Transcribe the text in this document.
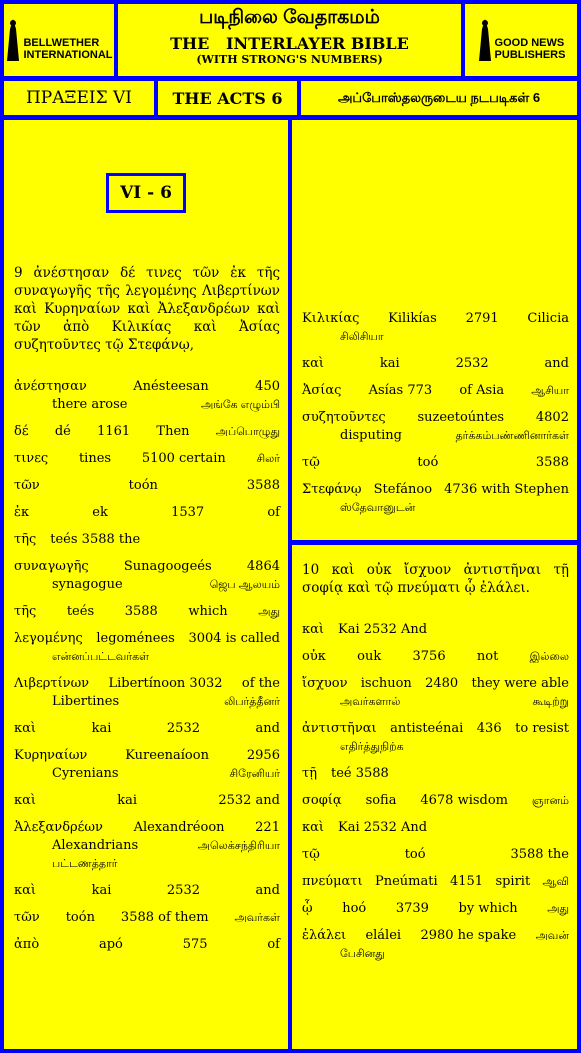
BELLWETHER
INTERNATIONAL
படிநிலை வேதாகமம்
THE   INTERLAYER BIBLE
(WITH STRONG'S NUMBERS)
GOOD NEWS
PUBLISHERS
ΠΡΑΞΕΙΣ VI	THE ACTS 6	அப்போஸ்தலருடைய நடபடிகள் 6
VI - 6
9 ἀνέστησαν δέ τινες τῶν ἐκ τῆς συναγωγῆς τῆς λεγομένης Λιβερτίνων καὶ Κυρηναίων καὶ Ἀλεξανδρέων καὶ τῶν ἀπὸ Κιλικίας καὶ Ἀσίας συζητοῦντες τῷ Στεφάνῳ,
ἀνέστησαν	Anésteesan	450
there arose	அங்கே எழும்பி
δέ dé 1161 Then அப்பொழுது
τινες tines 5100 certain	சிலர்
τῶν	toón	3588
ἐκ	ek	1537	of
τῆς teés 3588 the
συναγωγῆς	Sunagoogeés	4864
synagogue	ஜெப ஆலயம்
τῆς teés 3588 which	அது
λεγομένης legoménees 3004 is called
என்னப்பட்டவர்கள்
Λιβερτίνων Libertínoon 3032 of the
Libertines	லிபர்த்தீனர்
καὶ	kai	2532	and
Κυρηναίων	Kureenaíoon	2956
Cyrenians	சிரேனியர்
καὶ	kai	2532 and
Ἀλεξανδρέων Alexandréoon 221
Alexandrians	அலெக்சந்திரியா
பட்டணத்தார்
καὶ	kai	2532	and
τῶν toón 3588 of them அவர்கள்
ἀπὸ	apó	575	of
Κιλικίας Kilikías 2791 Cilicia
சிலிசியா
καὶ	kai	2532	and
Ἀσίας Asías 773 of Asia ஆசியா
συζητοῦντες suzeetoúntes 4802
disputing	தர்க்கம்பண்ணினார்கள்
τῷ	toó	3588
Στεφάνῳ Stefánoo 4736 with Stephen
ஸ்தேவானுடன்
10 καὶ οὐκ ἴσχυον ἀντιστῆναι τῇ σοφίᾳ καὶ τῷ πνεύματι ᾧ ἐλάλει.
καὶ Kai 2532 And
οὐκ ouk 3756 not	இல்லை
ἴσχυον ischuon 2480 they were able
அவர்களால்	கூடிற்று
ἀντιστῆναι antisteénai 436 to resist
எதிர்த்துநிற்க
τῇ teé 3588
σοφίᾳ sofia 4678 wisdom ஞானம்
καὶ Kai 2532 And
τῷ	toó	3588 the
πνεύματι Pneúmati 4151 spirit ஆவி
ᾧ hoó 3739 by which	அது
ἐλάλει elálei 2980 he spake அவன்
பேசினது
